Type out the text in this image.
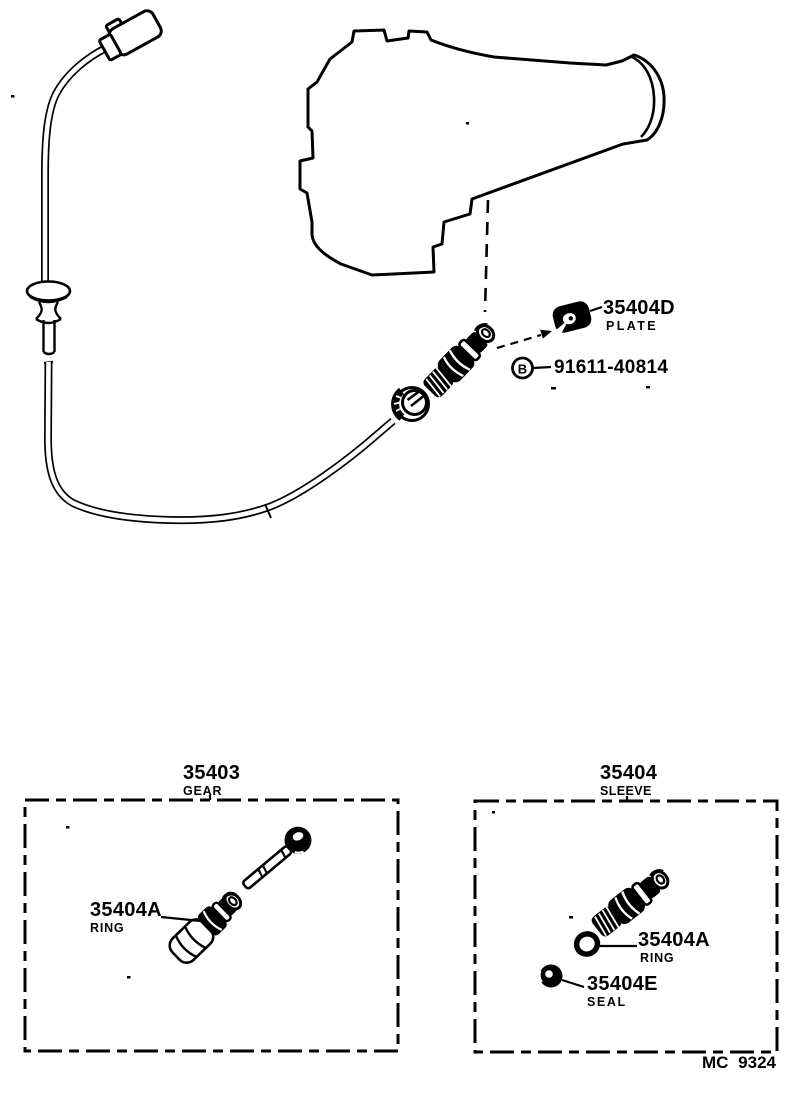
B
35404D
PLATE
91611-40814
35403
GEAR
35404
SLEEVE
35404A
RING
35404A
RING
35404E
SEAL
MC 9324
